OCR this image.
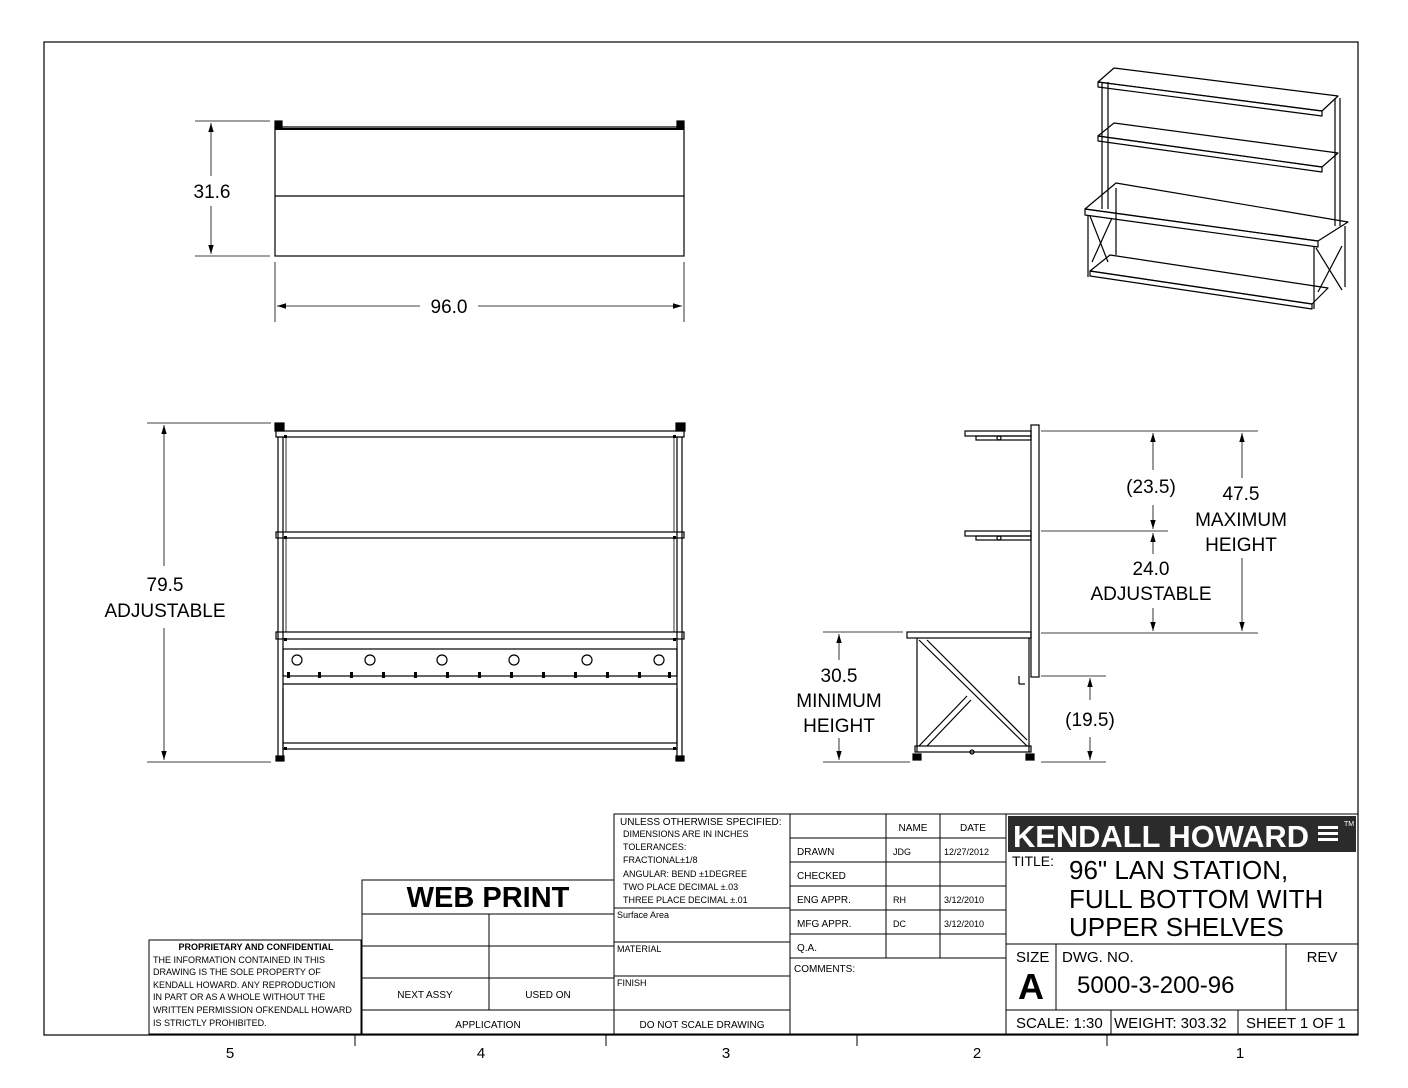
31.6
96.0
79.5
ADJUSTABLE
(23.5)
24.0
ADJUSTABLE
47.5
MAXIMUM
HEIGHT
30.5
MINIMUM
HEIGHT	(19.5)
PROPRIETARY AND CONFIDENTIAL
THE INFORMATION CONTAINED IN THIS
DRAWING IS THE SOLE PROPERTY OF
KENDALL HOWARD. ANY REPRODUCTION
IN PART OR AS A WHOLE WITHOUT THE
WRITTEN PERMISSION OFKENDALL HOWARD
IS STRICTLY PROHIBITED.
WEB PRINT
NEXT ASSY	USED ON
APPLICATION
UNLESS OTHERWISE SPECIFIED:
DIMENSIONS ARE IN INCHES
TOLERANCES:
FRACTIONAL±1/8
ANGULAR: BEND ±1DEGREE
TWO PLACE DECIMAL ±.03
THREE PLACE DECIMAL ±.01
Surface Area
MATERIAL
FINISH
DO NOT SCALE DRAWING
NAME	DATE
DRAWN	JDG	12/27/2012
CHECKED
ENG APPR.	RH	3/12/2010
MFG APPR.	DC	3/12/2010
Q.A.
COMMENTS:
KENDALL HOWARD	TM
TITLE: 96" LAN STATION,
FULL BOTTOM WITH
UPPER SHELVES
SIZE
A
DWG. NO.
5000-3-200-96
REV
SCALE: 1:30 WEIGHT: 303.32 SHEET 1 OF 1
5	4	3	2	1
